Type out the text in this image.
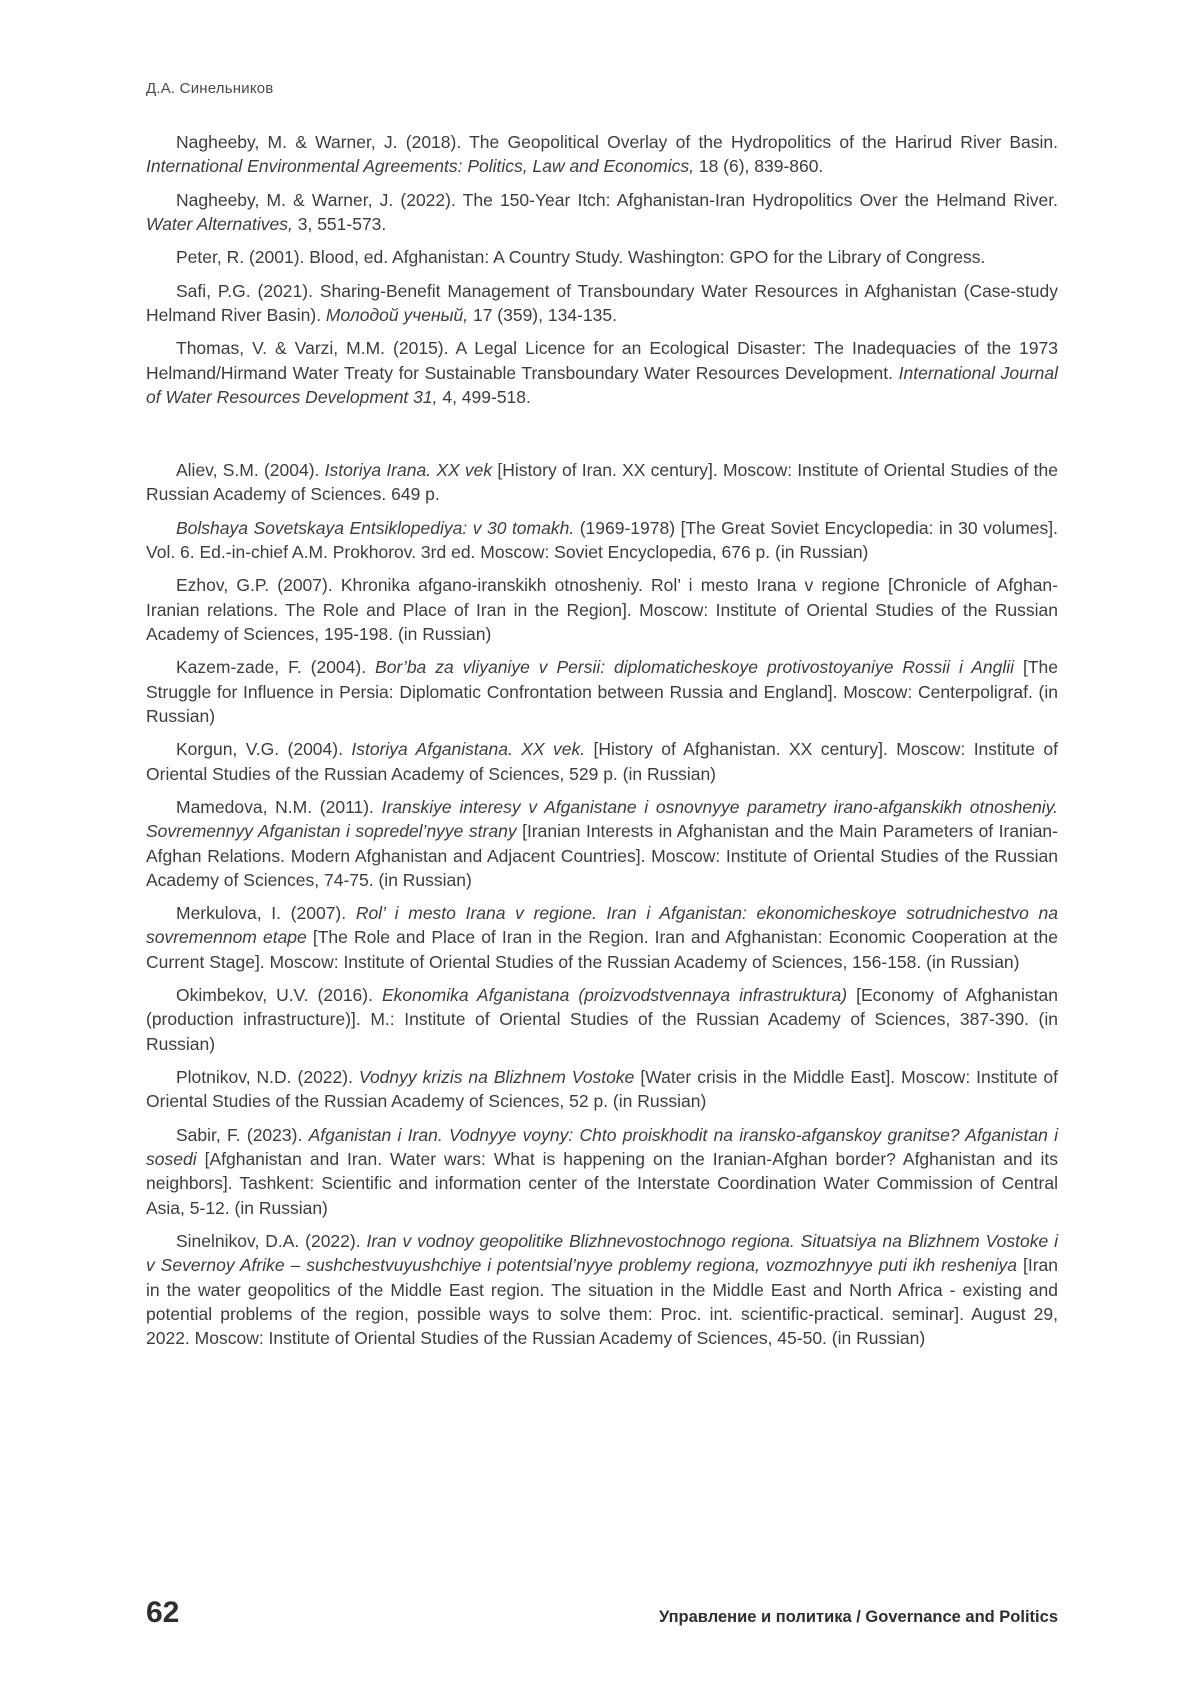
Д.А. Синельников

Nagheeby, M. & Warner, J. (2018). The Geopolitical Overlay of the Hydropolitics of the Harirud River Basin. International Environmental Agreements: Politics, Law and Economics, 18 (6), 839-860.

Nagheeby, M. & Warner, J. (2022). The 150-Year Itch: Afghanistan-Iran Hydropolitics Over the Helmand River. Water Alternatives, 3, 551-573.

Peter, R. (2001). Blood, ed. Afghanistan: A Country Study. Washington: GPO for the Library of Congress.

Safi, P.G. (2021). Sharing-Benefit Management of Transboundary Water Resources in Afghanistan (Case-study Helmand River Basin). Молодой ученый, 17 (359), 134-135.

Thomas, V. & Varzi, M.M. (2015). A Legal Licence for an Ecological Disaster: The Inadequacies of the 1973 Helmand/Hirmand Water Treaty for Sustainable Transboundary Water Resources Development. International Journal of Water Resources Development 31, 4, 499-518.

Aliev, S.M. (2004). Istoriya Irana. XX vek [History of Iran. XX century]. Moscow: Institute of Oriental Studies of the Russian Academy of Sciences. 649 p.

Bolshaya Sovetskaya Entsiklopediya: v 30 tomakh. (1969-1978) [The Great Soviet Encyclopedia: in 30 volumes]. Vol. 6. Ed.-in-chief A.M. Prokhorov. 3rd ed. Moscow: Soviet Encyclopedia, 676 p. (in Russian)

Ezhov, G.P. (2007). Khronika afgano-iranskikh otnosheniy. Rol’ i mesto Irana v regione [Chronicle of Afghan-Iranian relations. The Role and Place of Iran in the Region]. Moscow: Institute of Oriental Studies of the Russian Academy of Sciences, 195-198. (in Russian)

Kazem-zade, F. (2004). Bor’ba za vliyaniye v Persii: diplomaticheskoye protivostoyaniye Rossii i Anglii [The Struggle for Influence in Persia: Diplomatic Confrontation between Russia and England]. Moscow: Centerpoligraf. (in Russian)

Korgun, V.G. (2004). Istoriya Afganistana. XX vek. [History of Afghanistan. XX century]. Moscow: Institute of Oriental Studies of the Russian Academy of Sciences, 529 p. (in Russian)

Mamedova, N.M. (2011). Iranskiye interesy v Afganistane i osnovnyye parametry irano-afganskikh otnosheniy. Sovremennyy Afganistan i sopredel’nyye strany [Iranian Interests in Afghanistan and the Main Parameters of Iranian-Afghan Relations. Modern Afghanistan and Adjacent Countries]. Moscow: Institute of Oriental Studies of the Russian Academy of Sciences, 74-75. (in Russian)

Merkulova, I. (2007). Rol’ i mesto Irana v regione. Iran i Afganistan: ekonomicheskoye sotrudnichestvo na sovremennom etape [The Role and Place of Iran in the Region. Iran and Afghanistan: Economic Cooperation at the Current Stage]. Moscow: Institute of Oriental Studies of the Russian Academy of Sciences, 156-158. (in Russian)

Okimbekov, U.V. (2016). Ekonomika Afganistana (proizvodstvennaya infrastruktura) [Economy of Afghanistan (production infrastructure)]. M.: Institute of Oriental Studies of the Russian Academy of Sciences, 387-390. (in Russian)

Plotnikov, N.D. (2022). Vodnyy krizis na Blizhnem Vostoke [Water crisis in the Middle East]. Moscow: Institute of Oriental Studies of the Russian Academy of Sciences, 52 p. (in Russian)

Sabir, F. (2023). Afganistan i Iran. Vodnyye voyny: Chto proiskhodit na iransko-afganskoy granitse? Afganistan i sosedi [Afghanistan and Iran. Water wars: What is happening on the Iranian-Afghan border? Afghanistan and its neighbors]. Tashkent: Scientific and information center of the Interstate Coordination Water Commission of Central Asia, 5-12. (in Russian)

Sinelnikov, D.A. (2022). Iran v vodnoy geopolitike Blizhnevostochnogo regiona. Situatsiya na Blizhnem Vostoke i v Severnoy Afrike – sushchestvuyushchiye i potentsial’nyye problemy regiona, vozmozhnyye puti ikh resheniya [Iran in the water geopolitics of the Middle East region. The situation in the Middle East and North Africa - existing and potential problems of the region, possible ways to solve them: Proc. int. scientific-practical. seminar]. August 29, 2022. Moscow: Institute of Oriental Studies of the Russian Academy of Sciences, 45-50. (in Russian)

62	Управление и политика / Governance and Politics
